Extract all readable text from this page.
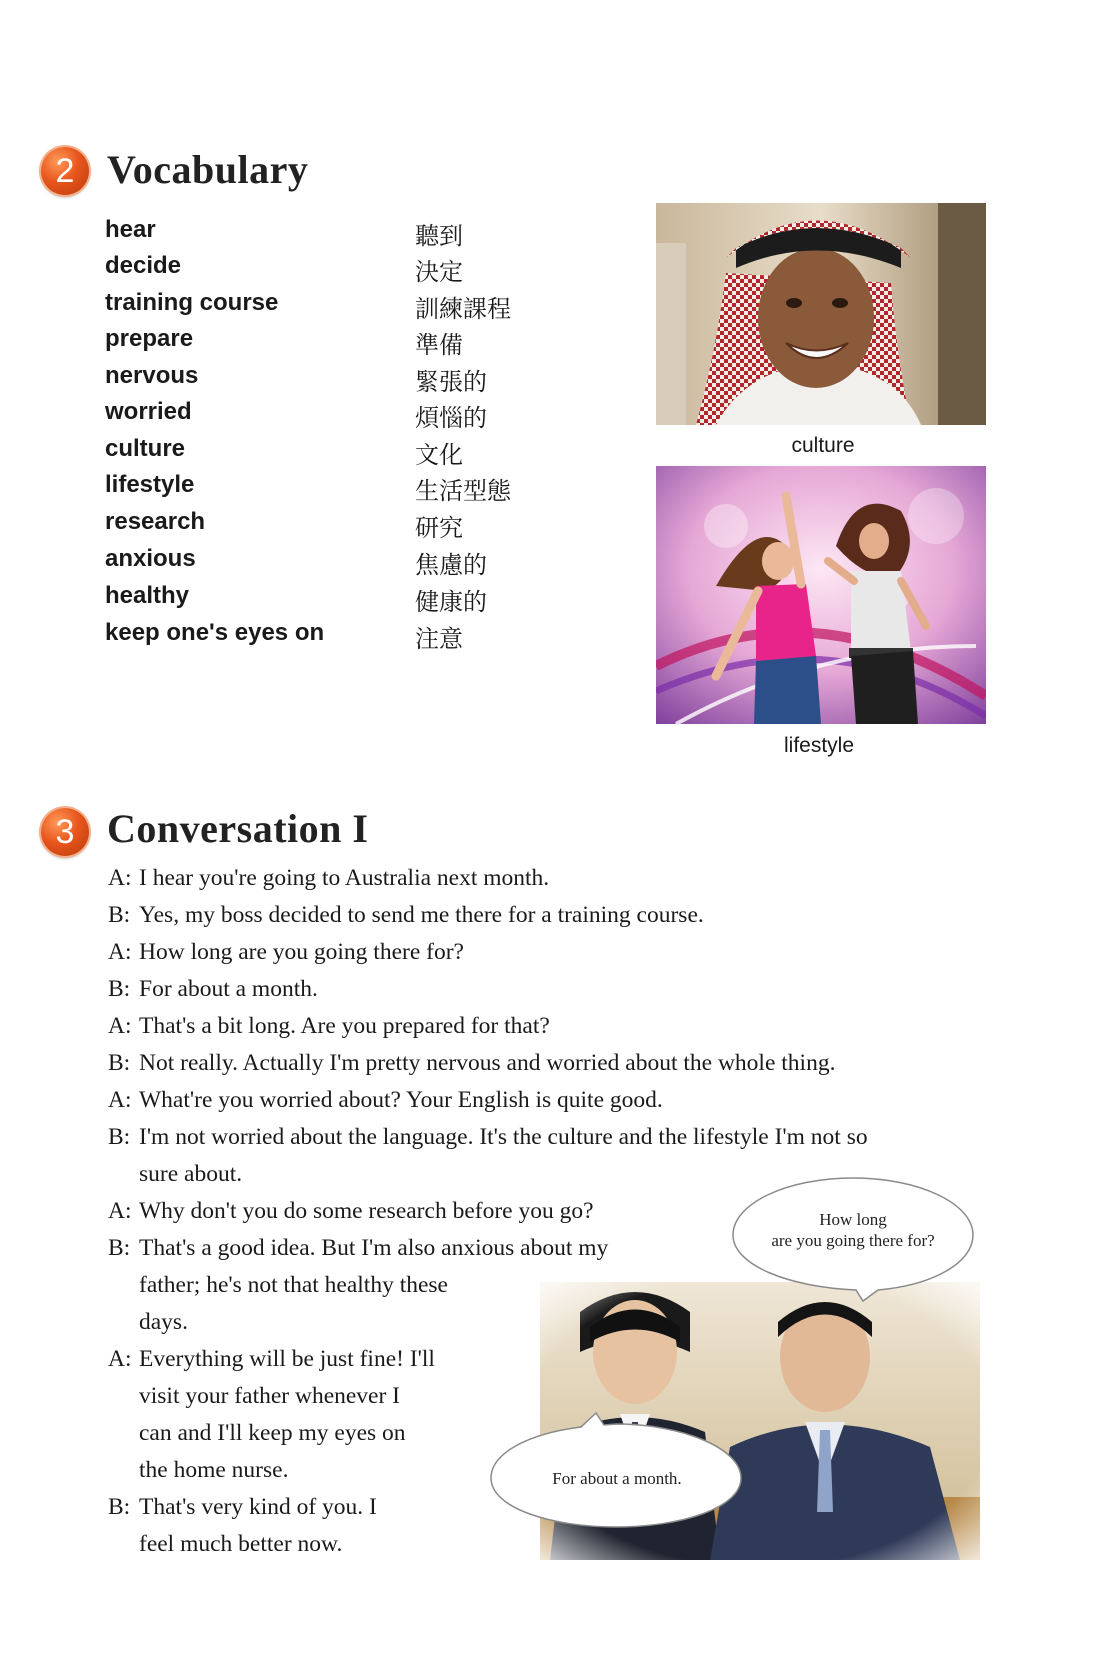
2 Vocabulary
hear	聽到
decide	決定
training course	訓練課程
prepare	準備
nervous	緊張的
worried	煩惱的
culture	文化
lifestyle	生活型態
research	研究
anxious	焦慮的
healthy	健康的
keep one's eyes on	注意
culture
lifestyle
3 Conversation I
A: I hear you're going to Australia next month.
B: Yes, my boss decided to send me there for a training course.
A: How long are you going there for?
B: For about a month.
A: That's a bit long. Are you prepared for that?
B: Not really. Actually I'm pretty nervous and worried about the whole thing.
A: What're you worried about? Your English is quite good.
B: I'm not worried about the language. It's the culture and the lifestyle I'm not so
sure about.
A: Why don't you do some research before you go?
B: That's a good idea. But I'm also anxious about my
father; he's not that healthy these
days.
A: Everything will be just fine! I'll
visit your father whenever I
can and I'll keep my eyes on
the home nurse.
B: That's very kind of you. I
feel much better now.
How long
are you going there for?
For about a month.
